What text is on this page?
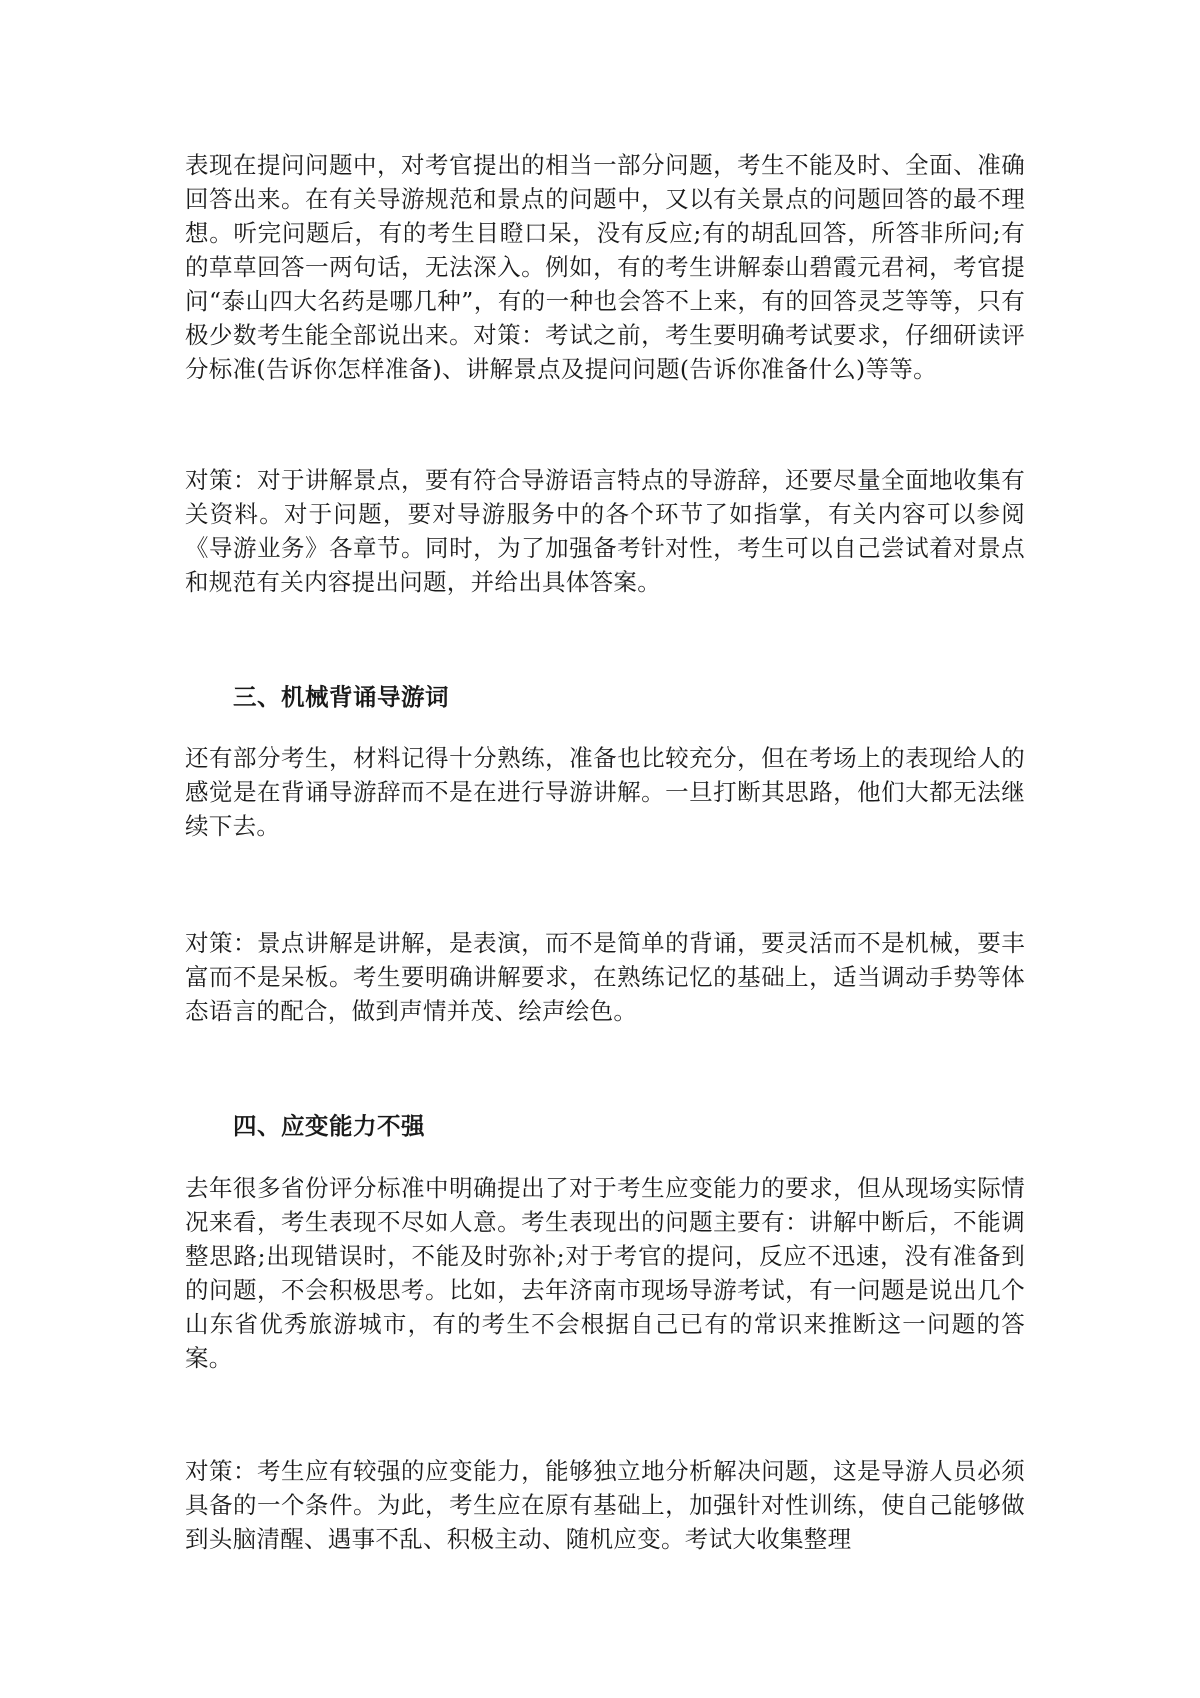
表现在提问问题中，对考官提出的相当一部分问题，考生不能及时、全面、准确回答出来。在有关导游规范和景点的问题中，又以有关景点的问题回答的最不理想。听完问题后，有的考生目瞪口呆，没有反应;有的胡乱回答，所答非所问;有的草草回答一两句话，无法深入。例如，有的考生讲解泰山碧霞元君祠，考官提问“泰山四大名药是哪几种”，有的一种也会答不上来，有的回答灵芝等等，只有极少数考生能全部说出来。对策：考试之前，考生要明确考试要求，仔细研读评分标准(告诉你怎样准备)、讲解景点及提问问题(告诉你准备什么)等等。

对策：对于讲解景点，要有符合导游语言特点的导游辞，还要尽量全面地收集有关资料。对于问题，要对导游服务中的各个环节了如指掌，有关内容可以参阅《导游业务》各章节。同时，为了加强备考针对性，考生可以自己尝试着对景点和规范有关内容提出问题，并给出具体答案。

三、机械背诵导游词

还有部分考生，材料记得十分熟练，准备也比较充分，但在考场上的表现给人的感觉是在背诵导游辞而不是在进行导游讲解。一旦打断其思路，他们大都无法继续下去。

对策：景点讲解是讲解，是表演，而不是简单的背诵，要灵活而不是机械，要丰富而不是呆板。考生要明确讲解要求，在熟练记忆的基础上，适当调动手势等体态语言的配合，做到声情并茂、绘声绘色。

四、应变能力不强

去年很多省份评分标准中明确提出了对于考生应变能力的要求，但从现场实际情况来看，考生表现不尽如人意。考生表现出的问题主要有：讲解中断后，不能调整思路;出现错误时，不能及时弥补;对于考官的提问，反应不迅速，没有准备到的问题，不会积极思考。比如，去年济南市现场导游考试，有一问题是说出几个山东省优秀旅游城市，有的考生不会根据自己已有的常识来推断这一问题的答案。

对策：考生应有较强的应变能力，能够独立地分析解决问题，这是导游人员必须具备的一个条件。为此，考生应在原有基础上，加强针对性训练，使自己能够做到头脑清醒、遇事不乱、积极主动、随机应变。考试大收集整理
